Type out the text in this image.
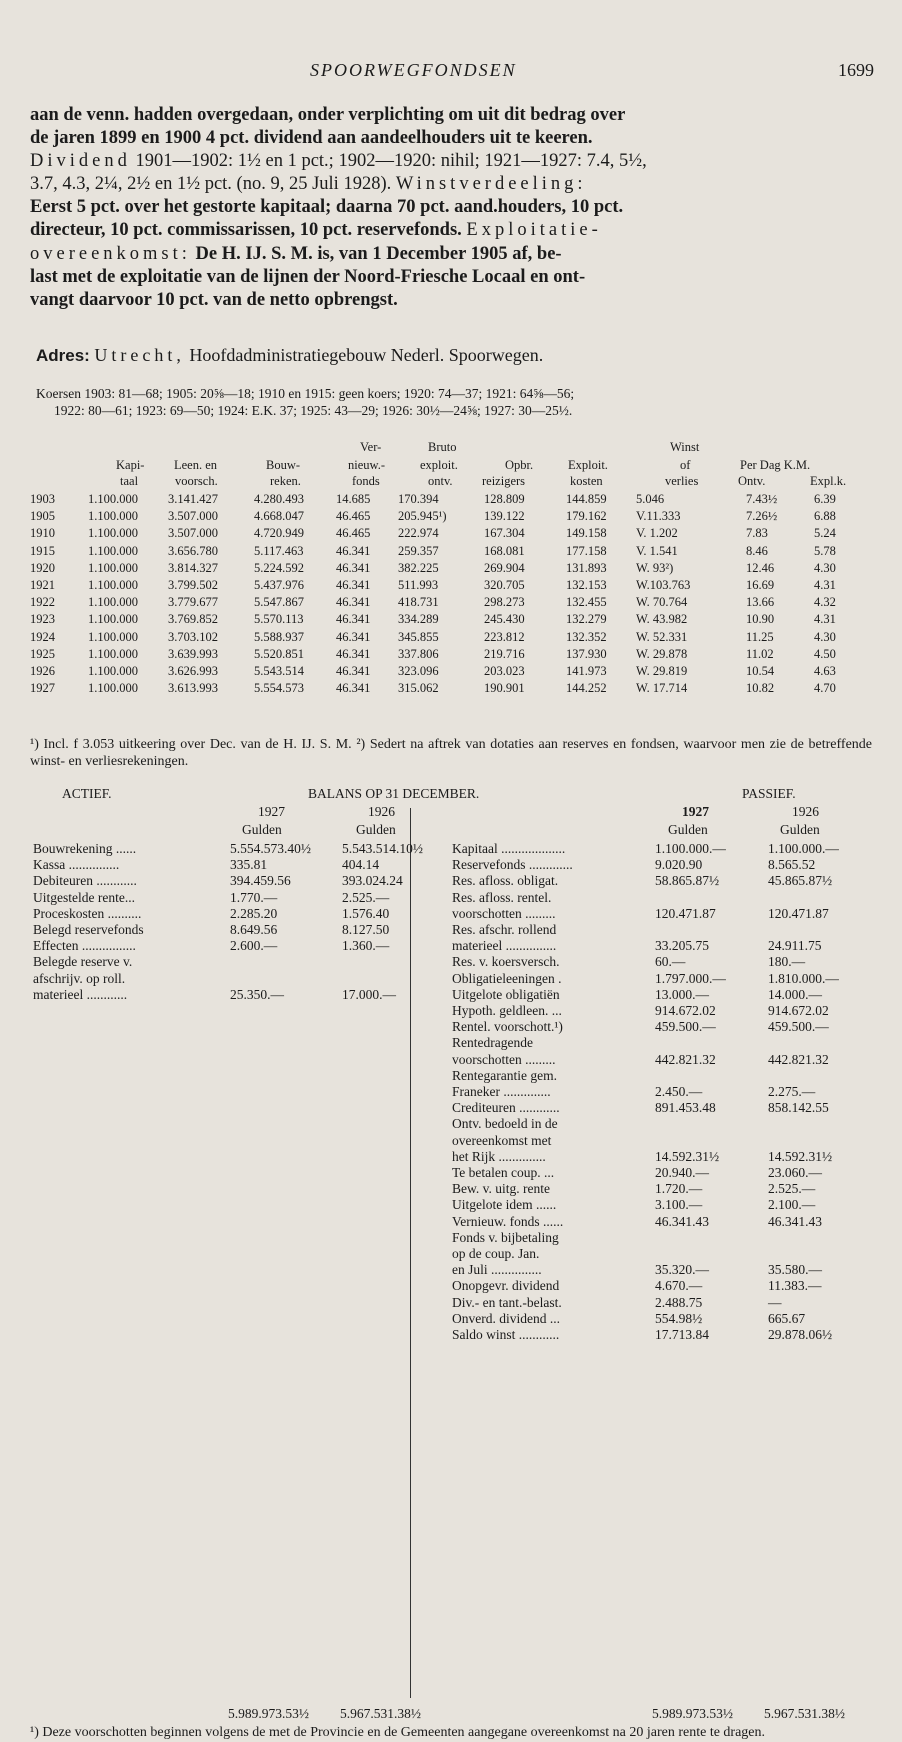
SPOORWEGFONDSEN	1699

aan de venn. hadden overgedaan, onder verplichting om uit dit bedrag over

de jaren 1899 en 1900 4 pct. dividend aan aandeelhouders uit te keeren.

Dividend 1901—1902: 1½ en 1 pct.; 1902—1920: nihil; 1921—1927: 7.4, 5½,

3.7, 4.3, 2¼, 2½ en 1½ pct. (no. 9, 25 Juli 1928). Winstverdeeling:

Eerst 5 pct. over het gestorte kapitaal; daarna 70 pct. aand.houders, 10 pct.

directeur, 10 pct. commissarissen, 10 pct. reservefonds. Exploitatie-

overeenkomst: De H. IJ. S. M. is, van 1 December 1905 af, be-

last met de exploitatie van de lijnen der Noord-Friesche Locaal en ont-

vangt daarvoor 10 pct. van de netto opbrengst.

Adres: Utrecht, Hoofdadministratiegebouw Nederl. Spoorwegen.
Koersen 1903: 81—68; 1905: 20⅝—18; 1910 en 1915: geen koers; 1920: 74—37; 1921: 64⅝—56;
1922: 80—61; 1923: 69—50; 1924: E.K. 37; 1925: 43—29; 1926: 30½—24⅝; 1927: 30—25½.
Ver-	Bruto	Winst
Kapi- Leen. en	Bouw-	nieuw.-	exploit.	Opbr.	Exploit.	of	Per Dag K.M.
taal	voorsch.	reken.	fonds	ontv. reizigers	kosten	verlies	Ontv.	Expl.k.
1903	1.100.000 3.141.427	4.280.493	14.685 170.394	128.809	144.859 5.046	7.43½	6.39
1905	1.100.000 3.507.000	4.668.047	46.465 205.945¹)	139.122	179.162 V.11.333	7.26½	6.88
1910	1.100.000 3.507.000	4.720.949	46.465 222.974	167.304	149.158 V. 1.202	7.83	5.24
1915	1.100.000 3.656.780	5.117.463	46.341 259.357	168.081	177.158 V. 1.541	8.46	5.78
1920	1.100.000 3.814.327	5.224.592	46.341 382.225	269.904	131.893 W. 93²)	12.46	4.30
1921	1.100.000 3.799.502	5.437.976	46.341 511.993	320.705	132.153 W.103.763	16.69	4.31
1922	1.100.000 3.779.677	5.547.867	46.341 418.731	298.273	132.455 W. 70.764	13.66	4.32
1923	1.100.000 3.769.852	5.570.113	46.341 334.289	245.430	132.279 W. 43.982	10.90	4.31
1924	1.100.000 3.703.102	5.588.937	46.341 345.855	223.812	132.352 W. 52.331	11.25	4.30
1925	1.100.000 3.639.993	5.520.851	46.341 337.806	219.716	137.930 W. 29.878	11.02	4.50
1926	1.100.000 3.626.993	5.543.514	46.341 323.096	203.023	141.973 W. 29.819	10.54	4.63
1927	1.100.000 3.613.993	5.554.573	46.341 315.062	190.901	144.252 W. 17.714	10.82	4.70
¹) Incl. f 3.053 uitkeering over Dec. van de H. IJ. S. M. ²) Sedert na aftrek van dotaties aan reserves en fondsen, waarvoor men zie de betreffende winst- en verliesrekeningen.
ACTIEF.	BALANS OP 31 DECEMBER.	PASSIEF.
1927	1926	1927	1926
Gulden	Gulden	Gulden	Gulden
Bouwrekening ......	5.554.573.40½ 5.543.514.10½
Kassa ...............	335.81	404.14
Debiteuren ............	394.459.56	393.024.24
Uitgestelde rente...	1.770.—	2.525.—
Proceskosten ..........	2.285.20	1.576.40
Belegd reservefonds	8.649.56	8.127.50
Effecten ................	2.600.—	1.360.—
Belegde reserve v.
afschrijv. op roll.
materieel ............	25.350.—	17.000.—
Kapitaal ...................	1.100.000.—	1.100.000.—
Reservefonds .............	9.020.90	8.565.52
Res. afloss. obligat.	58.865.87½	45.865.87½
Res. afloss. rentel.
voorschotten .........	120.471.87	120.471.87
Res. afschr. rollend
materieel ...............	33.205.75	24.911.75
Res. v. koersversch.	60.—	180.—
Obligatieleeningen .	1.797.000.—	1.810.000.—
Uitgelote obligatiën	13.000.—	14.000.—
Hypoth. geldleen. ...	914.672.02	914.672.02
Rentel. voorschott.¹)	459.500.—	459.500.—
Rentedragende
voorschotten .........	442.821.32	442.821.32
Rentegarantie gem.
Franeker ..............	2.450.—	2.275.—
Crediteuren ............	891.453.48	858.142.55
Ontv. bedoeld in de
overeenkomst met
het Rijk ..............	14.592.31½	14.592.31½
Te betalen coup. ...	20.940.—	23.060.—
Bew. v. uitg. rente	1.720.—	2.525.—
Uitgelote idem ......	3.100.—	2.100.—
Vernieuw. fonds ......	46.341.43	46.341.43
Fonds v. bijbetaling
op de coup. Jan.
en Juli ...............	35.320.—	35.580.—
Onopgevr. dividend	4.670.—	11.383.—
Div.- en tant.-belast.	2.488.75	—
Onverd. dividend ...	554.98½	665.67
Saldo winst ............	17.713.84	29.878.06½
5.989.973.53½ 5.967.531.38½	5.989.973.53½ 5.967.531.38½
¹) Deze voorschotten beginnen volgens de met de Provincie en de Gemeenten aangegane overeenkomst na 20 jaren rente te dragen.
